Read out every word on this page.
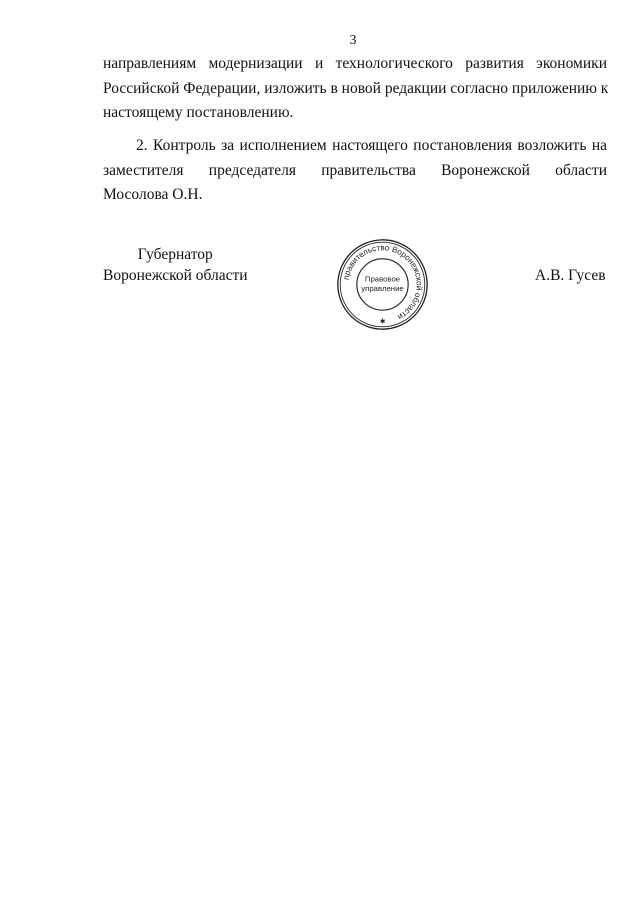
3
направлениям модернизации и технологического развития экономики
Российской Федерации, изложить в новой редакции согласно приложению к
настоящему постановлению.
2. Контроль за исполнением настоящего постановления возложить на
заместителя председателя правительства Воронежской области
Мосолова О.Н.
Губернатор
Воронежской области	правительство Воронежской области
Правовое
управление
✱
А.В. Гусев
